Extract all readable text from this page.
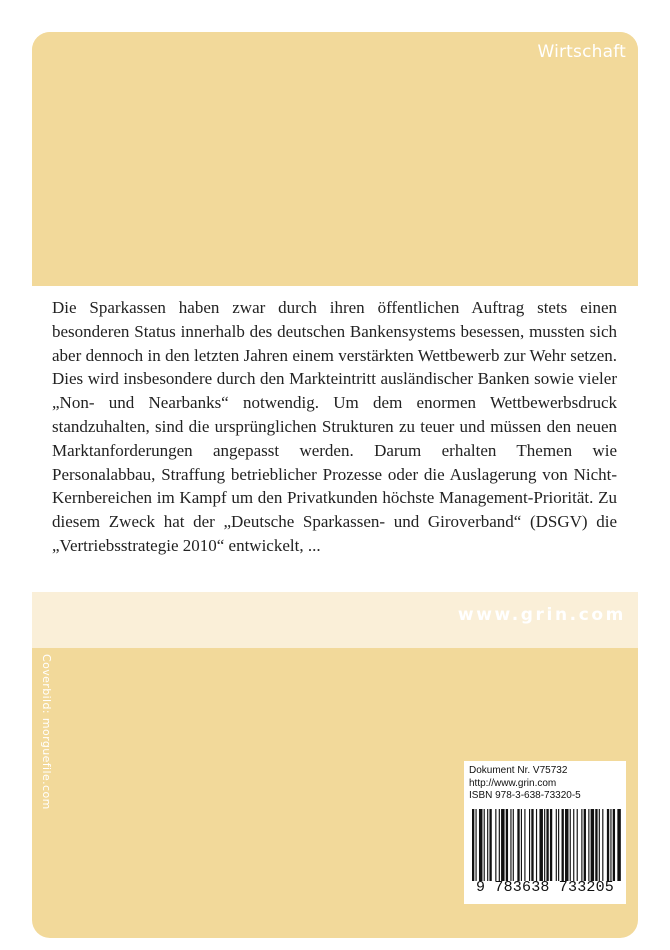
Wirtschaft

Die Sparkassen haben zwar durch ihren öffentlichen Auftrag stets einen besonderen Status innerhalb des deutschen Bankensystems besessen, mussten sich aber dennoch in den letzten Jahren einem verstärkten Wettbewerb zur Wehr setzen. Dies wird insbesondere durch den Markteintritt ausländischer Banken sowie vieler „Non- und Nearbanks“ notwendig. Um dem enormen Wettbewerbsdruck standzuhalten, sind die ursprünglichen Strukturen zu teuer und müssen den neuen Marktanforderungen angepasst werden. Darum erhalten Themen wie Personalabbau, Straffung betrieblicher Prozesse oder die Auslagerung von Nicht-Kernbereichen im Kampf um den Privatkunden höchste Management-Priorität. Zu diesem Zweck hat der „Deutsche Sparkassen- und Giroverband“ (DSGV) die „Vertriebsstrategie 2010“ entwickelt, ...

www.grin.com
Coverbild: morguefile.com	Dokument Nr. V75732
http://www.grin.com
ISBN 978-3-638-73320-5
9 783638 733205
